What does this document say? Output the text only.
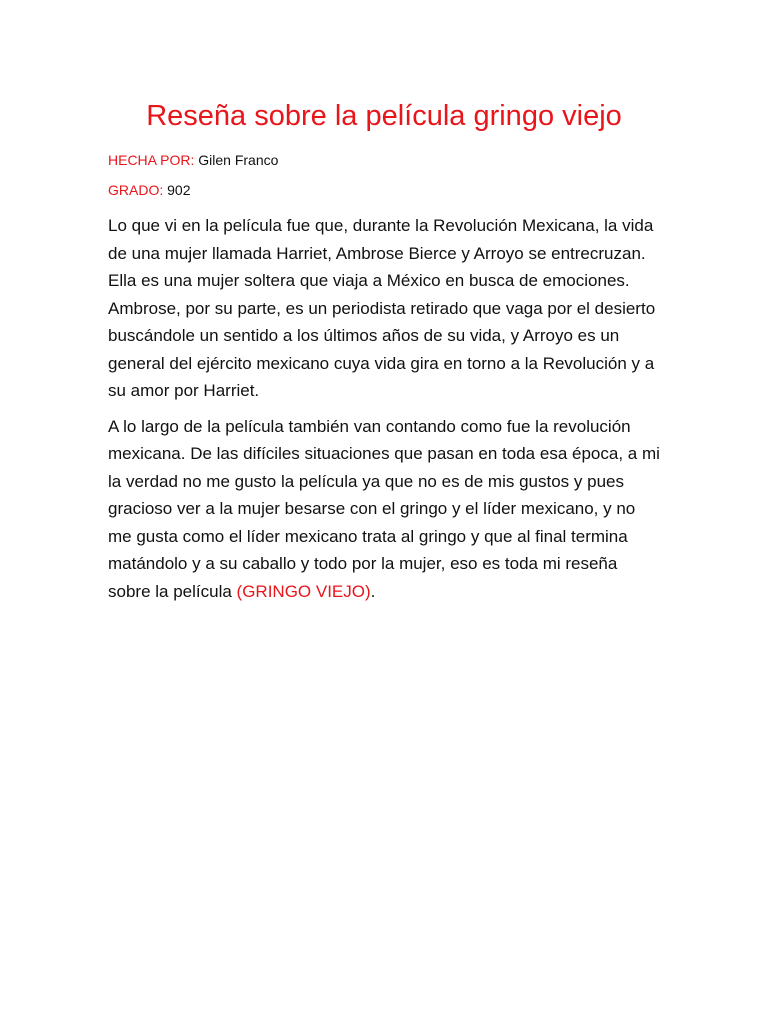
Reseña sobre la película gringo viejo

HECHA POR: Gilen Franco

GRADO: 902

Lo que vi en la película fue que, durante la Revolución Mexicana, la vida de una mujer llamada Harriet, Ambrose Bierce y Arroyo se entrecruzan. Ella es una mujer soltera que viaja a México en busca de emociones. Ambrose, por su parte, es un periodista retirado que vaga por el desierto buscándole un sentido a los últimos años de su vida, y Arroyo es un general del ejército mexicano cuya vida gira en torno a la Revolución y a su amor por Harriet.

A lo largo de la película también van contando como fue la revolución mexicana. De las difíciles situaciones que pasan en toda esa época, a mi la verdad no me gusto la película ya que no es de mis gustos y pues gracioso ver a la mujer besarse con el gringo y el líder mexicano, y no me gusta como el líder mexicano trata al gringo y que al final termina matándolo y a su caballo y todo por la mujer, eso es toda mi reseña sobre la película (GRINGO VIEJO).
